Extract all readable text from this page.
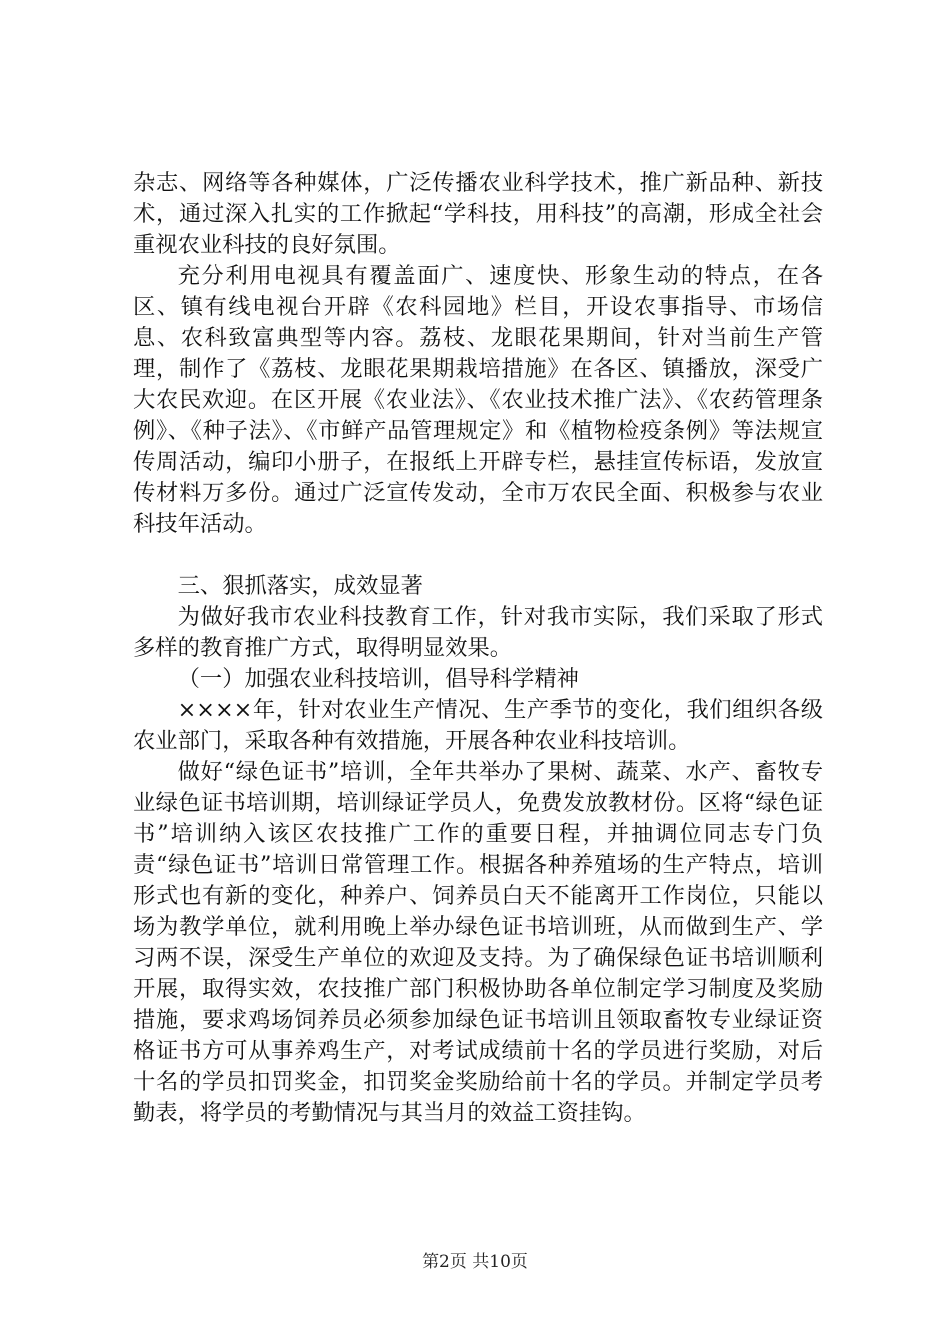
杂志、网络等各种媒体，广泛传播农业科学技术，推广新品种、新技术，通过深入扎实的工作掀起“学科技，用科技”的高潮，形成全社会重视农业科技的良好氛围。

充分利用电视具有覆盖面广、速度快、形象生动的特点，在各区、镇有线电视台开辟《农科园地》栏目，开设农事指导、市场信息、农科致富典型等内容。荔枝、龙眼花果期间，针对当前生产管理，制作了《荔枝、龙眼花果期栽培措施》在各区、镇播放，深受广大农民欢迎。在区开展《农业法》、《农业技术推广法》、《农药管理条例》、《种子法》、《市鲜产品管理规定》和《植物检疫条例》等法规宣传周活动，编印小册子，在报纸上开辟专栏，悬挂宣传标语，发放宣传材料万多份。通过广泛宣传发动，全市万农民全面、积极参与农业科技年活动。

三、狠抓落实，成效显著

为做好我市农业科技教育工作，针对我市实际，我们采取了形式多样的教育推广方式，取得明显效果。

（一）加强农业科技培训，倡导科学精神

××××年，针对农业生产情况、生产季节的变化，我们组织各级农业部门，采取各种有效措施，开展各种农业科技培训。

做好“绿色证书”培训，全年共举办了果树、蔬菜、水产、畜牧专业绿色证书培训期，培训绿证学员人，免费发放教材份。区将“绿色证书”培训纳入该区农技推广工作的重要日程，并抽调位同志专门负责“绿色证书”培训日常管理工作。根据各种养殖场的生产特点，培训形式也有新的变化，种养户、饲养员白天不能离开工作岗位，只能以场为教学单位，就利用晚上举办绿色证书培训班，从而做到生产、学习两不误，深受生产单位的欢迎及支持。为了确保绿色证书培训顺利开展，取得实效，农技推广部门积极协助各单位制定学习制度及奖励措施，要求鸡场饲养员必须参加绿色证书培训且领取畜牧专业绿证资格证书方可从事养鸡生产，对考试成绩前十名的学员进行奖励，对后十名的学员扣罚奖金，扣罚奖金奖励给前十名的学员。并制定学员考勤表，将学员的考勤情况与其当月的效益工资挂钩。

第2页 共10页
